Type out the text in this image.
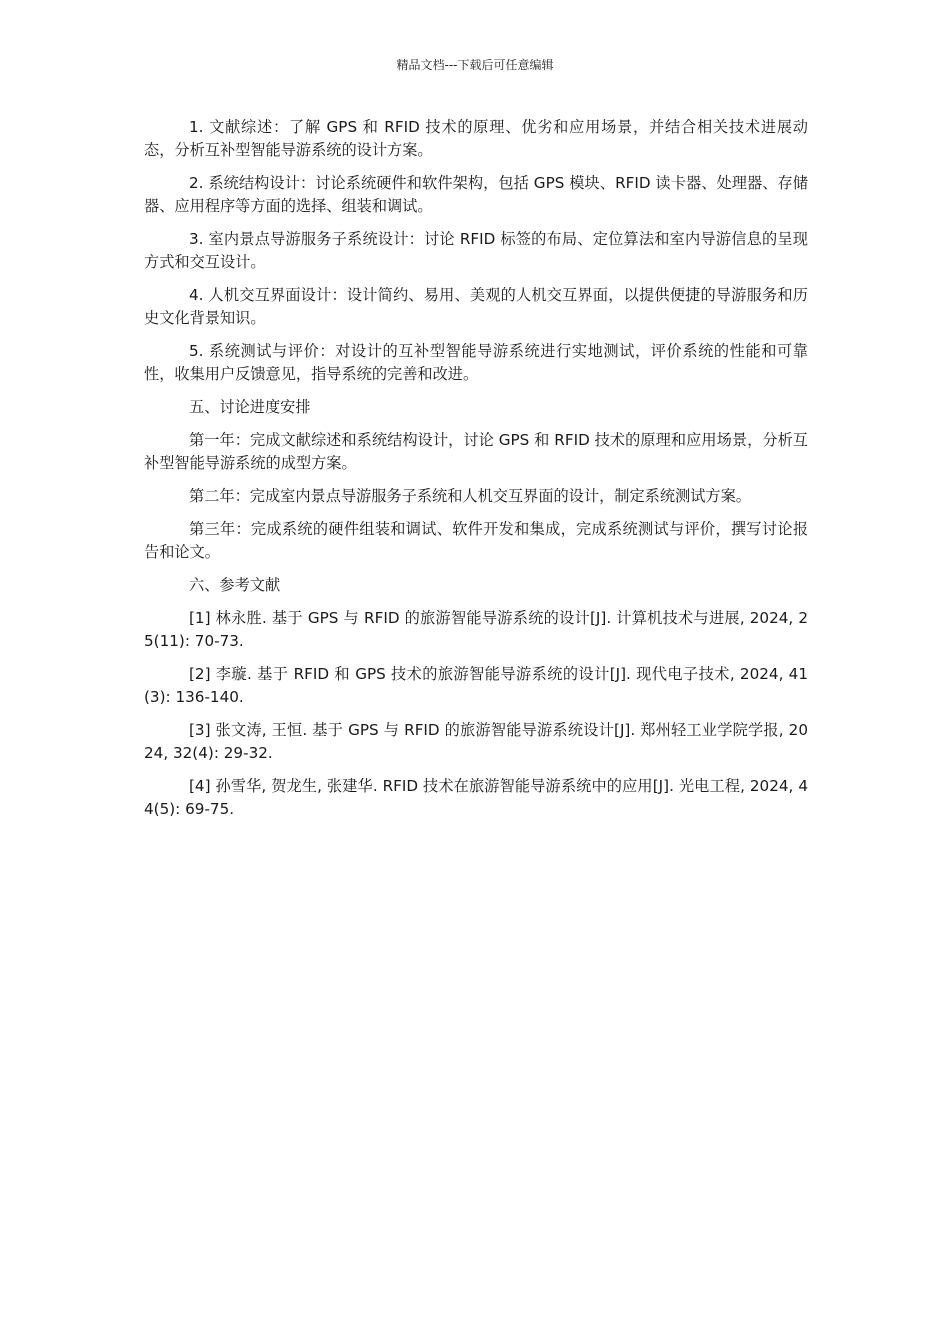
精品文档---下载后可任意编辑

1. 文献综述：了解 GPS 和 RFID 技术的原理、优劣和应用场景，并结合相关技术进展动态，分析互补型智能导游系统的设计方案。

2. 系统结构设计：讨论系统硬件和软件架构，包括 GPS 模块、RFID 读卡器、处理器、存储器、应用程序等方面的选择、组装和调试。

3. 室内景点导游服务子系统设计：讨论 RFID 标签的布局、定位算法和室内导游信息的呈现方式和交互设计。

4. 人机交互界面设计：设计简约、易用、美观的人机交互界面，以提供便捷的导游服务和历史文化背景知识。

5. 系统测试与评价：对设计的互补型智能导游系统进行实地测试，评价系统的性能和可靠性，收集用户反馈意见，指导系统的完善和改进。

五、讨论进度安排

第一年：完成文献综述和系统结构设计，讨论 GPS 和 RFID 技术的原理和应用场景，分析互补型智能导游系统的成型方案。

第二年：完成室内景点导游服务子系统和人机交互界面的设计，制定系统测试方案。

第三年：完成系统的硬件组装和调试、软件开发和集成，完成系统测试与评价，撰写讨论报告和论文。

六、参考文献

[1] 林永胜. 基于 GPS 与 RFID 的旅游智能导游系统的设计[J]. 计算机技术与进展, 2024, 25(11): 70-73.

[2] 李璇. 基于 RFID 和 GPS 技术的旅游智能导游系统的设计[J]. 现代电子技术, 2024, 41(3): 136-140.

[3] 张文涛, 王恒. 基于 GPS 与 RFID 的旅游智能导游系统设计[J]. 郑州轻工业学院学报, 2024, 32(4): 29-32.

[4] 孙雪华, 贺龙生, 张建华. RFID 技术在旅游智能导游系统中的应用[J]. 光电工程, 2024, 44(5): 69-75.
